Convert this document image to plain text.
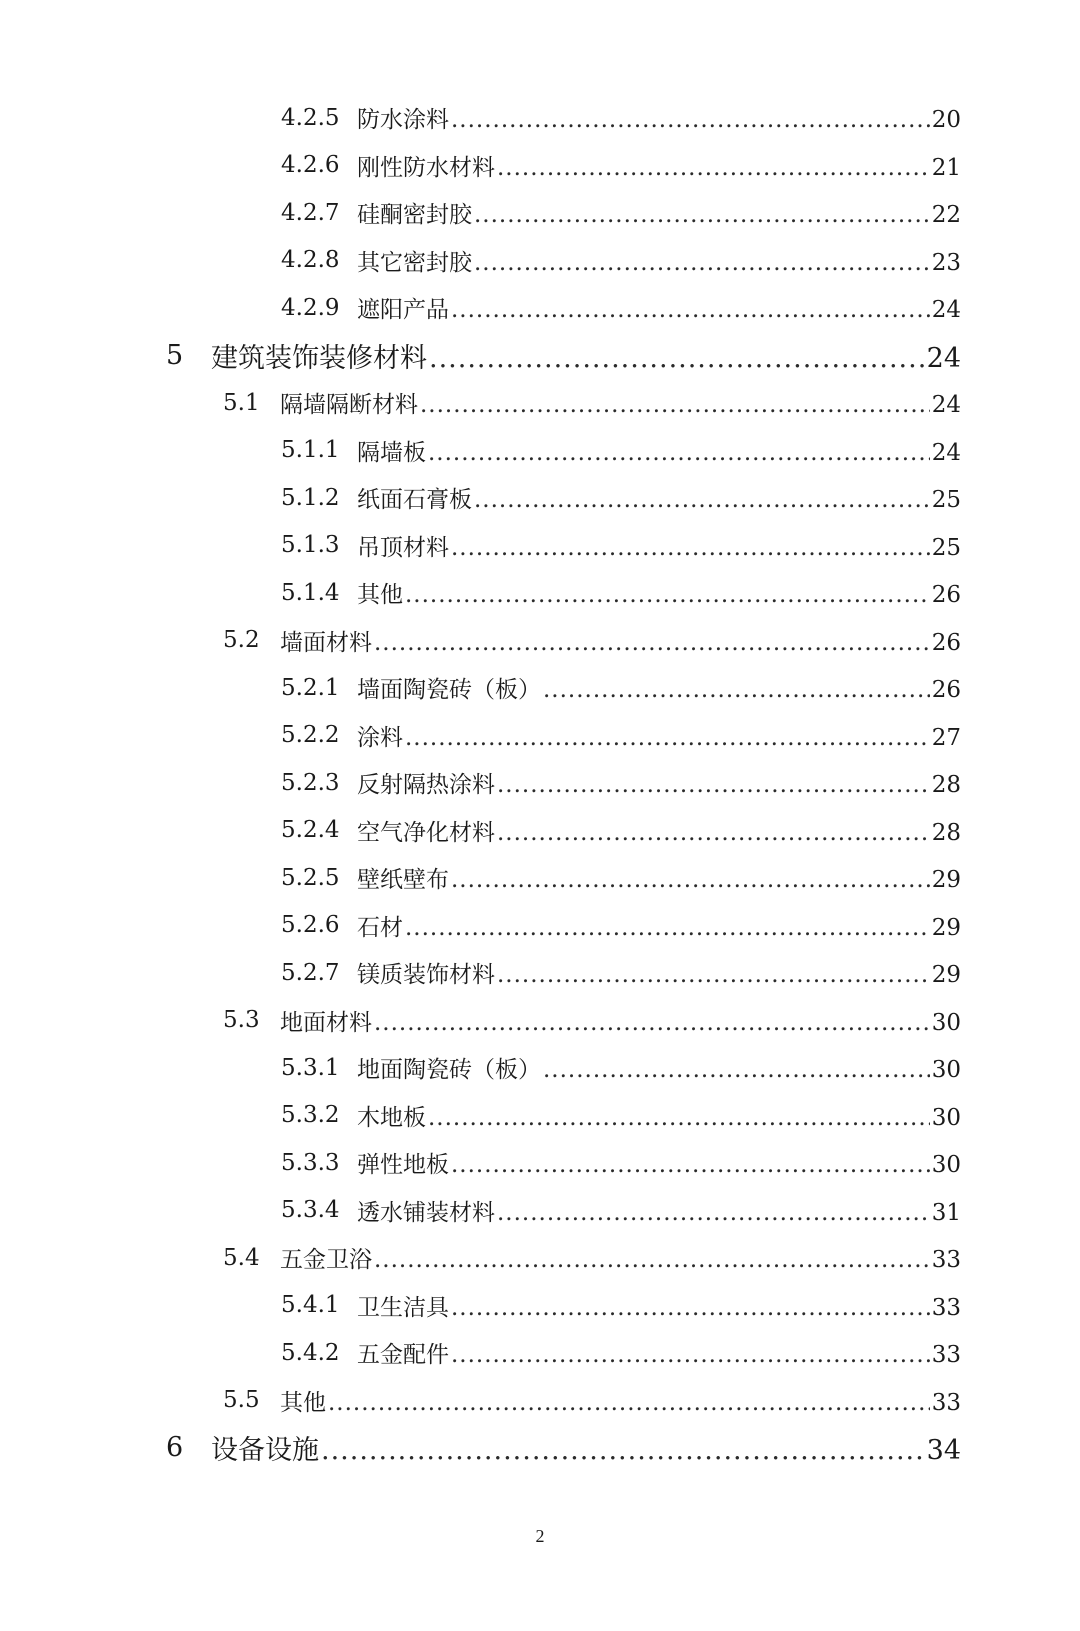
4.2.5 防水涂料 .....	20
4.2.6 刚性防水材料 .....	21
4.2.7 硅酮密封胶 .....	22
4.2.8 其它密封胶 .....	23
4.2.9 遮阳产品 .....	24
5 建筑装饰装修材料 .....	24
5.1 隔墙隔断材料 .....	24
5.1.1 隔墙板 .....	24
5.1.2 纸面石膏板 .....	25
5.1.3 吊顶材料 .....	25
5.1.4 其他 .....	26
5.2 墙面材料 .....	26
5.2.1 墙面陶瓷砖（板） .....	26
5.2.2 涂料 .....	27
5.2.3 反射隔热涂料 .....	28
5.2.4 空气净化材料 .....	28
5.2.5 壁纸壁布 .....	29
5.2.6 石材 .....	29
5.2.7 镁质装饰材料 .....	29
5.3 地面材料 .....	30
5.3.1 地面陶瓷砖（板） .....	30
5.3.2 木地板 .....	30
5.3.3 弹性地板 .....	30
5.3.4 透水铺装材料 .....	31
5.4 五金卫浴 .....	33
5.4.1 卫生洁具 .....	33
5.4.2 五金配件 .....	33
5.5 其他 .....	33
6 设备设施 .....	34
2
